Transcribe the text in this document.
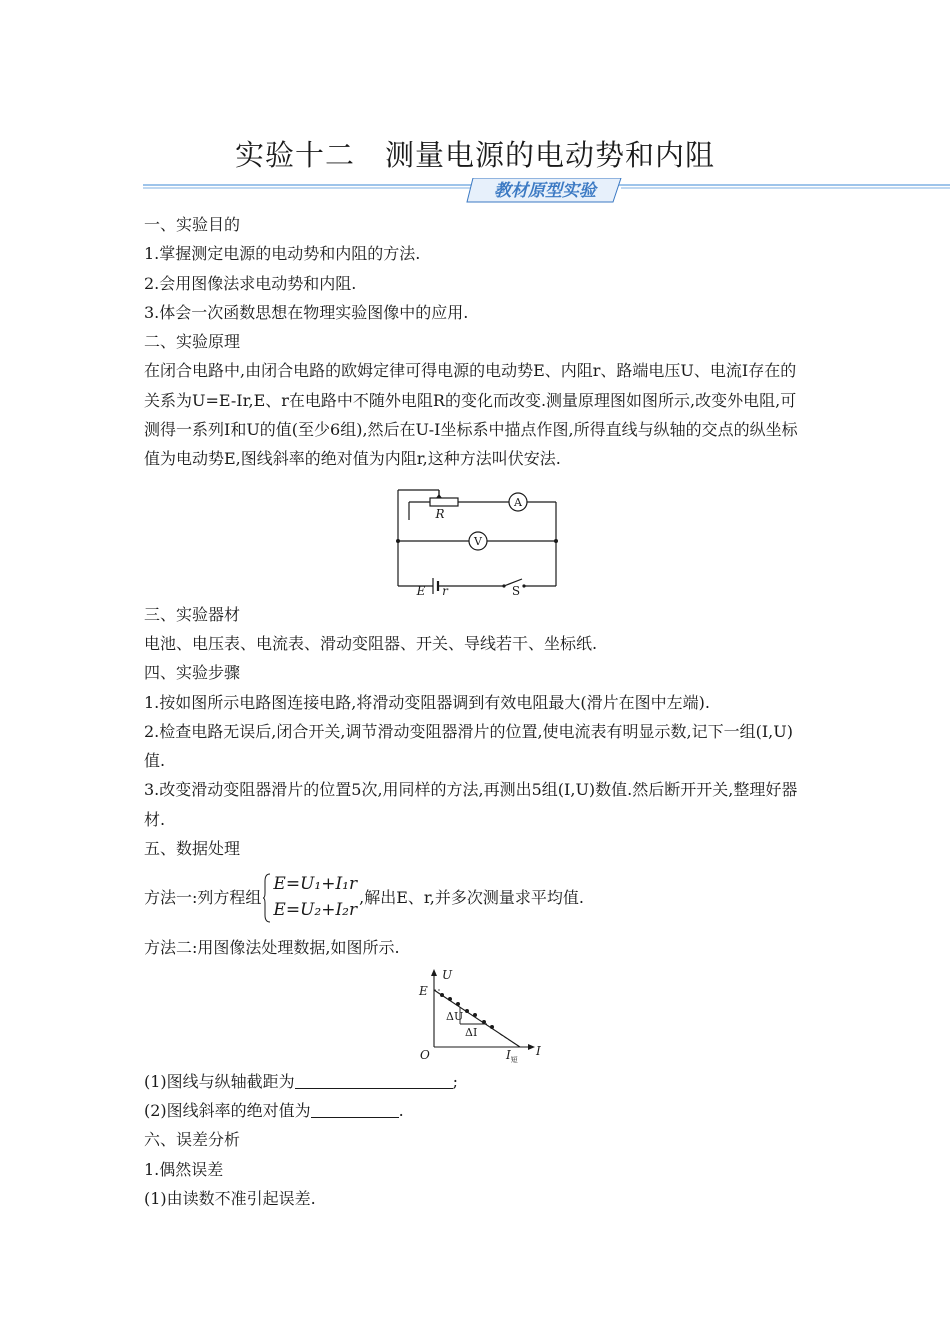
实验十二　测量电源的电动势和内阻
教材原型实验

一、实验目的

1.掌握测定电源的电动势和内阻的方法.

2.会用图像法求电动势和内阻.

3.体会一次函数思想在物理实验图像中的应用.

二、实验原理

在闭合电路中,由闭合电路的欧姆定律可得电源的电动势E、内阻r、路端电压U、电流I存在的关系为U=E-Ir,E、r在电路中不随外电阻R的变化而改变.测量原理图如图所示,改变外电阻,可测得一系列I和U的值(至少6组),然后在U-I坐标系中描点作图,所得直线与纵轴的交点的纵坐标值为电动势E,图线斜率的绝对值为内阻r,这种方法叫伏安法.

R
A
V
E r	S

三、实验器材

电池、电压表、电流表、滑动变阻器、开关、导线若干、坐标纸.

四、实验步骤

1.按如图所示电路图连接电路,将滑动变阻器调到有效电阻最大(滑片在图中左端).

2.检查电路无误后,闭合开关,调节滑动变阻器滑片的位置,使电流表有明显示数,记下一组(I,U)值.

3.改变滑动变阻器滑片的位置5次,用同样的方法,再测出5组(I,U)数值.然后断开开关,整理好器材.

五、数据处理

方法一:列方程组
E=U₁+I₁r
E=U₂+I₂r
,解出E、r,并多次测量求平均值.

方法二:用图像法处理数据,如图所示.

U
E
O	I
$I_短$
ΔU
ΔI

(1)图线与纵轴截距为	;

(2)图线斜率的绝对值为	.

六、误差分析

1.偶然误差

(1)由读数不准引起误差.
